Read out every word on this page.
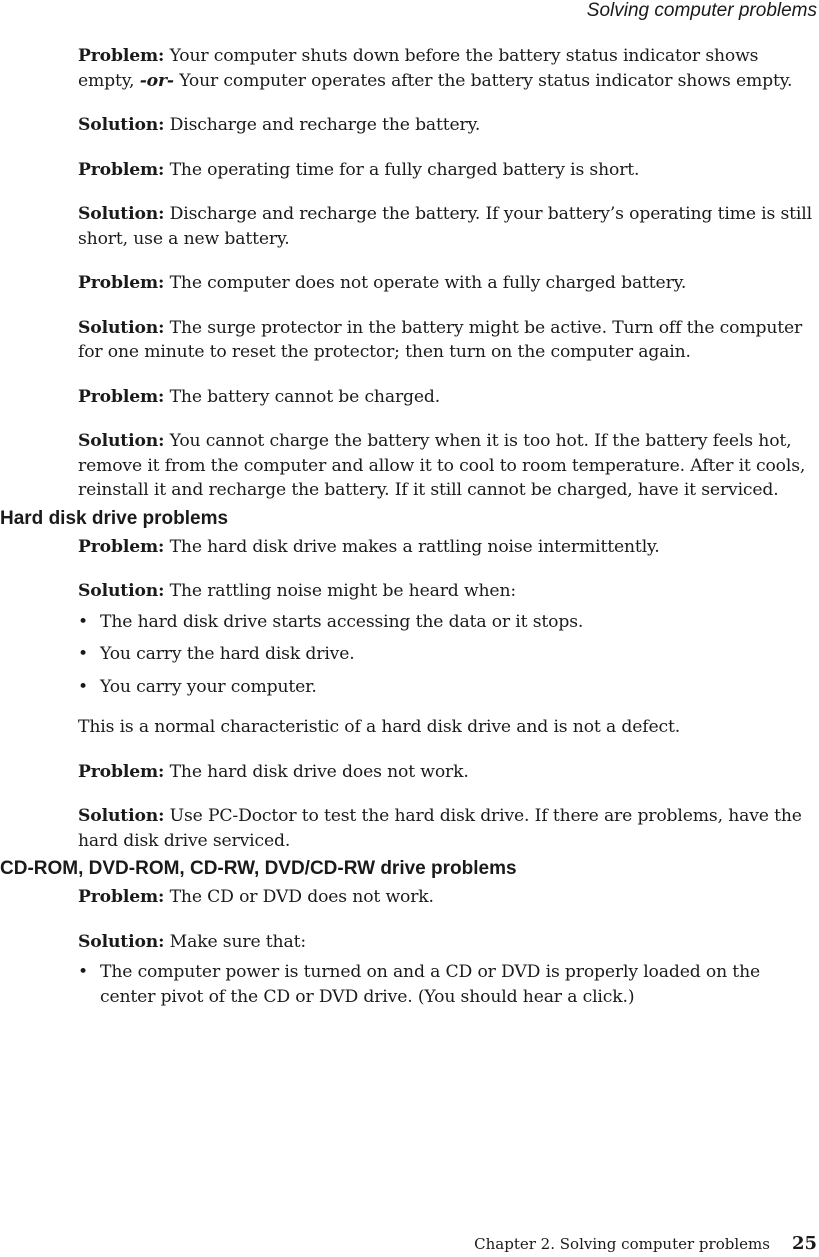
Solving computer problems

Problem: Your computer shuts down before the battery status indicator shows empty, -or- Your computer operates after the battery status indicator shows empty.

Solution: Discharge and recharge the battery.

Problem: The operating time for a fully charged battery is short.

Solution: Discharge and recharge the battery. If your battery’s operating time is still short, use a new battery.

Problem: The computer does not operate with a fully charged battery.

Solution: The surge protector in the battery might be active. Turn off the computer for one minute to reset the protector; then turn on the computer again.

Problem: The battery cannot be charged.

Solution: You cannot charge the battery when it is too hot. If the battery feels hot, remove it from the computer and allow it to cool to room temperature. After it cools, reinstall it and recharge the battery. If it still cannot be charged, have it serviced.

Hard disk drive problems

Problem: The hard disk drive makes a rattling noise intermittently.

Solution: The rattling noise might be heard when:

• The hard disk drive starts accessing the data or it stops.
• You carry the hard disk drive.
• You carry your computer.

This is a normal characteristic of a hard disk drive and is not a defect.

Problem: The hard disk drive does not work.

Solution: Use PC-Doctor to test the hard disk drive. If there are problems, have the hard disk drive serviced.

CD-ROM, DVD-ROM, CD-RW, DVD/CD-RW drive problems

Problem: The CD or DVD does not work.

Solution: Make sure that:

• The computer power is turned on and a CD or DVD is properly loaded on the center pivot of the CD or DVD drive. (You should hear a click.)
Chapter 2. Solving computer problems 25
